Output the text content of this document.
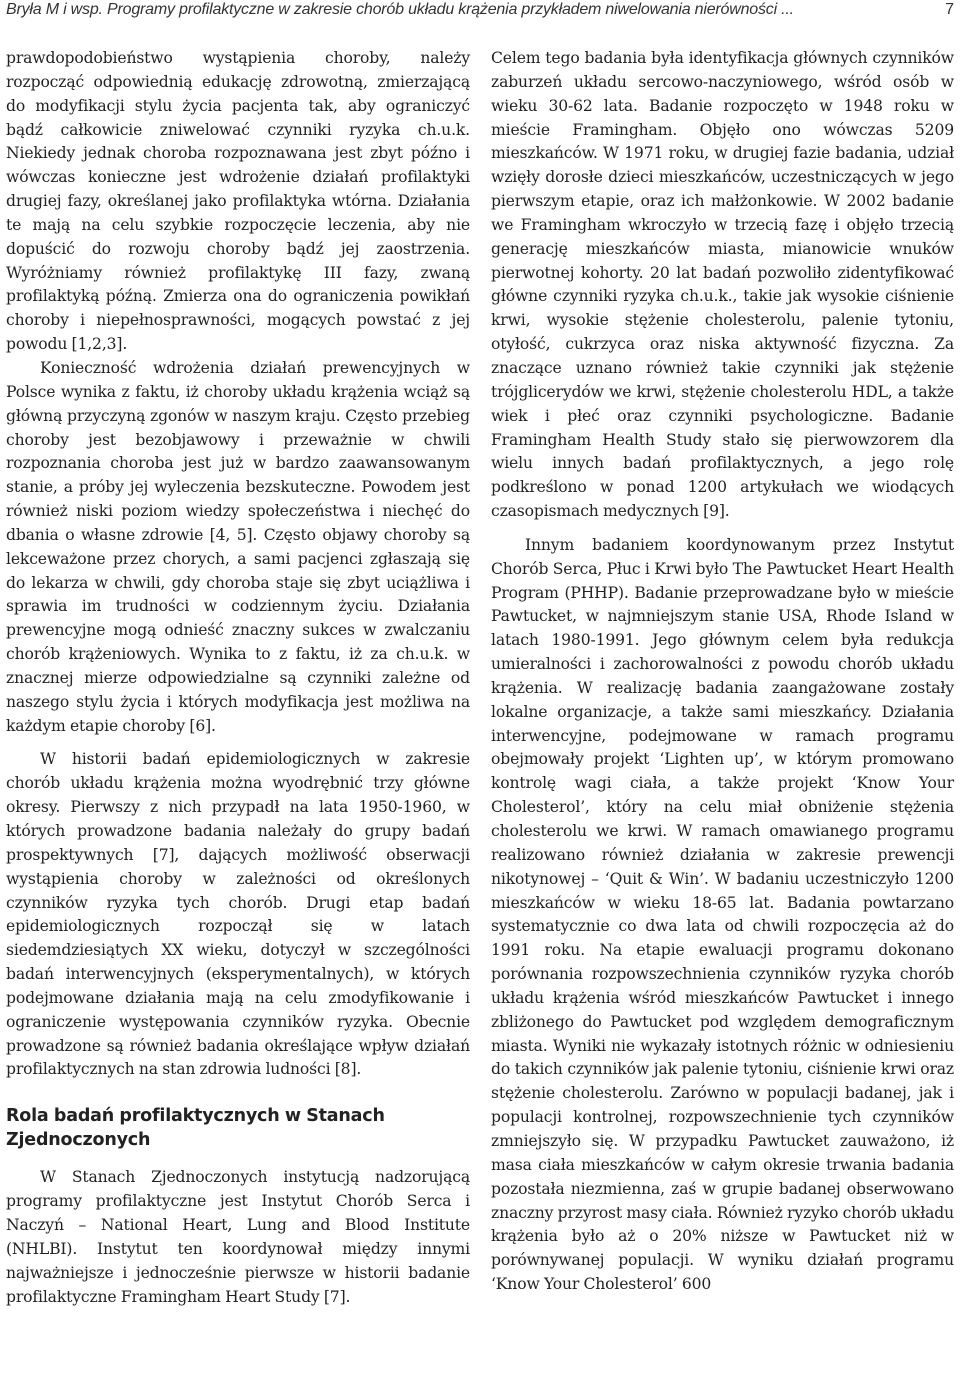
Bryła M i wsp. Programy profilaktyczne w zakresie chorób układu krążenia przykładem niwelowania nierówności ...	7

prawdopodobieństwo wystąpienia choroby, należy rozpocząć odpowiednią edukację zdrowotną, zmierzającą do modyfikacji stylu życia pacjenta tak, aby ograniczyć bądź całkowicie zniwelować czynniki ryzyka ch.u.k. Niekiedy jednak choroba rozpoznawana jest zbyt późno i wówczas konieczne jest wdrożenie działań profilaktyki drugiej fazy, określanej jako profilaktyka wtórna. Działania te mają na celu szybkie rozpoczęcie leczenia, aby nie dopuścić do rozwoju choroby bądź jej zaostrzenia. Wyróżniamy również profilaktykę III fazy, zwaną profilaktyką późną. Zmierza ona do ograniczenia powikłań choroby i niepełnosprawności, mogących powstać z jej powodu [1,2,3].

Konieczność wdrożenia działań prewencyjnych w Polsce wynika z faktu, iż choroby układu krążenia wciąż są główną przyczyną zgonów w naszym kraju. Często przebieg choroby jest bezobjawowy i przeważnie w chwili rozpoznania choroba jest już w bardzo zaawansowanym stanie, a próby jej wyleczenia bezskuteczne. Powodem jest również niski poziom wiedzy społeczeństwa i niechęć do dbania o własne zdrowie [4, 5]. Często objawy choroby są lekceważone przez chorych, a sami pacjenci zgłaszają się do lekarza w chwili, gdy choroba staje się zbyt uciążliwa i sprawia im trudności w codziennym życiu. Działania prewencyjne mogą odnieść znaczny sukces w zwalczaniu chorób krążeniowych. Wynika to z faktu, iż za ch.u.k. w znacznej mierze odpowiedzialne są czynniki zależne od naszego stylu życia i których modyfikacja jest możliwa na każdym etapie choroby [6].

W historii badań epidemiologicznych w zakresie chorób układu krążenia można wyodrębnić trzy główne okresy. Pierwszy z nich przypadł na lata 1950-1960, w których prowadzone badania należały do grupy badań prospektywnych [7], dających możliwość obserwacji wystąpienia choroby w zależności od określonych czynników ryzyka tych chorób. Drugi etap badań epidemiologicznych rozpoczął się w latach siedemdziesiątych XX wieku, dotyczył w szczególności badań interwencyjnych (eksperymentalnych), w których podejmowane działania mają na celu zmodyfikowanie i ograniczenie występowania czynników ryzyka. Obecnie prowadzone są również badania określające wpływ działań profilaktycznych na stan zdrowia ludności [8].

Rola badań profilaktycznych w Stanach Zjednoczonych

W Stanach Zjednoczonych instytucją nadzorującą programy profilaktyczne jest Instytut Chorób Serca i Naczyń – National Heart, Lung and Blood Institute (NHLBI). Instytut ten koordynował między innymi najważniejsze i jednocześnie pierwsze w historii badanie profilaktyczne Framingham Heart Study [7].

Celem tego badania była identyfikacja głównych czynników zaburzeń układu sercowo-naczyniowego, wśród osób w wieku 30-62 lata. Badanie rozpoczęto w 1948 roku w mieście Framingham. Objęło ono wówczas 5209 mieszkańców. W 1971 roku, w drugiej fazie badania, udział wzięły dorosłe dzieci mieszkańców, uczestniczących w jego pierwszym etapie, oraz ich małżonkowie. W 2002 badanie we Framingham wkroczyło w trzecią fazę i objęło trzecią generację mieszkańców miasta, mianowicie wnuków pierwotnej kohorty. 20 lat badań pozwoliło zidentyfikować główne czynniki ryzyka ch.u.k., takie jak wysokie ciśnienie krwi, wysokie stężenie cholesterolu, palenie tytoniu, otyłość, cukrzyca oraz niska aktywność fizyczna. Za znaczące uznano również takie czynniki jak stężenie trójglicerydów we krwi, stężenie cholesterolu HDL, a także wiek i płeć oraz czynniki psychologiczne. Badanie Framingham Health Study stało się pierwowzorem dla wielu innych badań profilaktycznych, a jego rolę podkreślono w ponad 1200 artykułach we wiodących czasopismach medycznych [9].

Innym badaniem koordynowanym przez Instytut Chorób Serca, Płuc i Krwi było The Pawtucket Heart Health Program (PHHP). Badanie przeprowadzane było w mieście Pawtucket, w najmniejszym stanie USA, Rhode Island w latach 1980-1991. Jego głównym celem była redukcja umieralności i zachorowalności z powodu chorób układu krążenia. W realizację badania zaangażowane zostały lokalne organizacje, a także sami mieszkańcy. Działania interwencyjne, podejmowane w ramach programu obejmowały projekt ‘Lighten up’, w którym promowano kontrolę wagi ciała, a także projekt ‘Know Your Cholesterol’, który na celu miał obniżenie stężenia cholesterolu we krwi. W ramach omawianego programu realizowano również działania w zakresie prewencji nikotynowej – ‘Quit & Win’. W badaniu uczestniczyło 1200 mieszkańców w wieku 18-65 lat. Badania powtarzano systematycznie co dwa lata od chwili rozpoczęcia aż do 1991 roku. Na etapie ewaluacji programu dokonano porównania rozpowszechnienia czynników ryzyka chorób układu krążenia wśród mieszkańców Pawtucket i innego zbliżonego do Pawtucket pod względem demograficznym miasta. Wyniki nie wykazały istotnych różnic w odniesieniu do takich czynników jak palenie tytoniu, ciśnienie krwi oraz stężenie cholesterolu. Zarówno w populacji badanej, jak i populacji kontrolnej, rozpowszechnienie tych czynników zmniejszyło się. W przypadku Pawtucket zauważono, iż masa ciała mieszkańców w całym okresie trwania badania pozostała niezmienna, zaś w grupie badanej obserwowano znaczny przyrost masy ciała. Również ryzyko chorób układu krążenia było aż o 20% niższe w Pawtucket niż w porównywanej populacji. W wyniku działań programu ‘Know Your Cholesterol’ 600
